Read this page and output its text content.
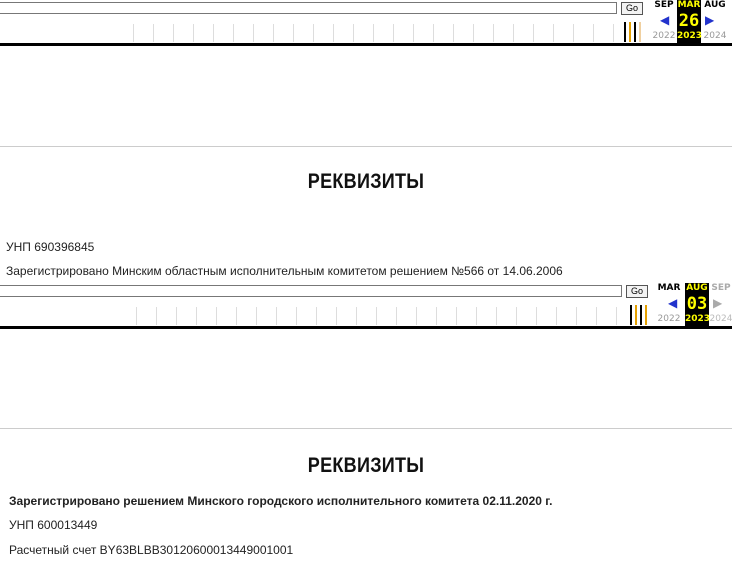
Go	SEP
2022
◀
MAR
26
2023
▶
AUG
2024
РЕКВИЗИТЫ
УНП 690396845
Зарегистрировано Минским областным исполнительным комитетом решением №566 от 14.06.2006
Go	MAR
2022
◀
AUG
03
2023
▶
SEP
2024
РЕКВИЗИТЫ
Зарегистрировано решением Минского городского исполнительного комитета 02.11.2020 г.
УНП 600013449
Расчетный счет BY63BLBB30120600013449001001
